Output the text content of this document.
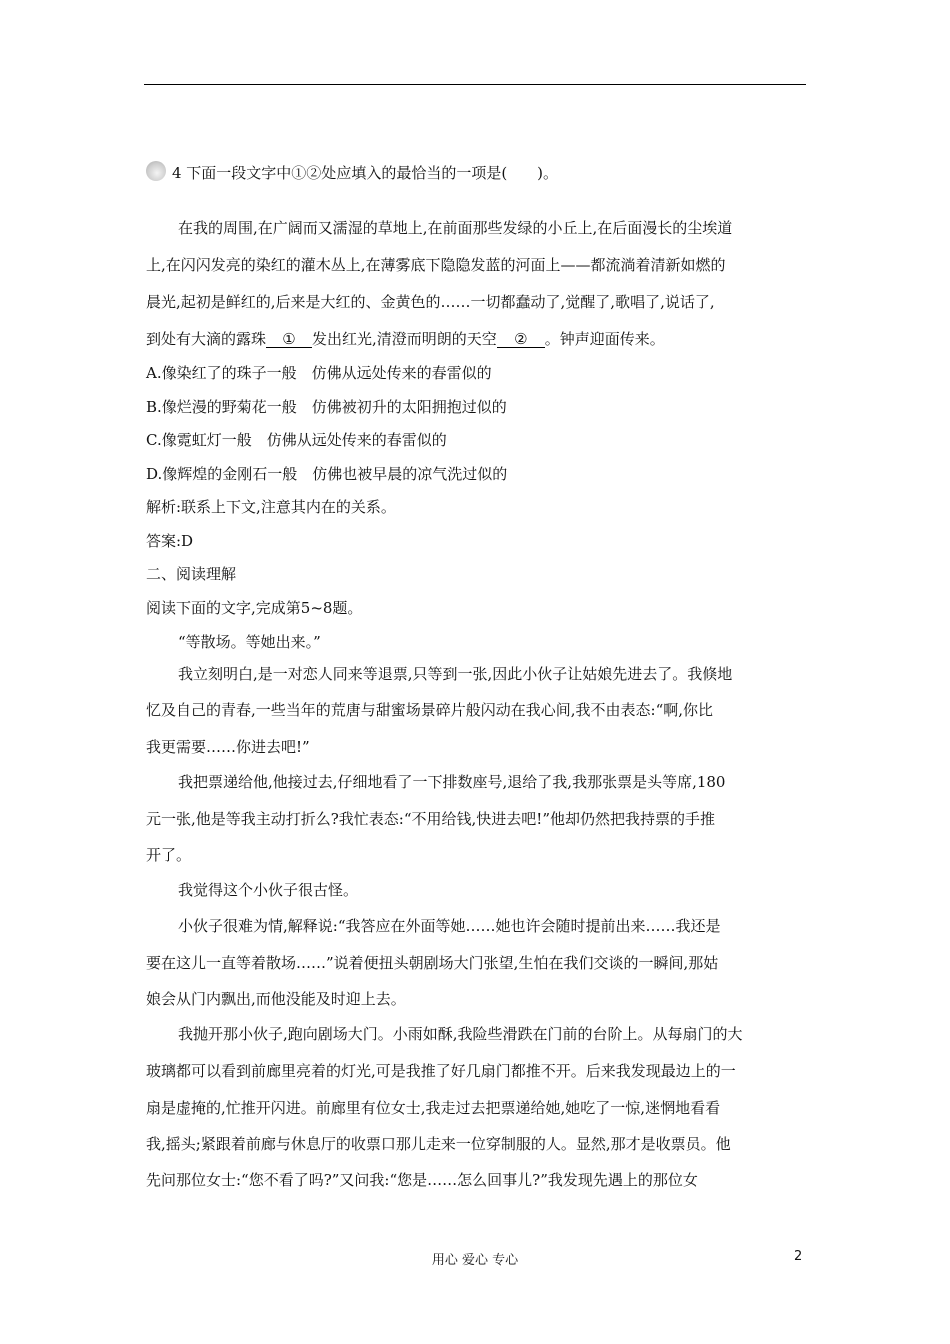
4 下面一段文字中①②处应填入的最恰当的一项是(　　)。
在我的周围,在广阔而又濡湿的草地上,在前面那些发绿的小丘上,在后面漫长的尘埃道
上,在闪闪发亮的染红的灌木丛上,在薄雾底下隐隐发蓝的河面上——都流淌着清新如燃的
晨光,起初是鲜红的,后来是大红的、金黄色的……一切都蠢动了,觉醒了,歌唱了,说话了,
到处有大滴的露珠 ① 发出红光,清澄而明朗的天空 ② 。钟声迎面传来。
A.像染红了的珠子一般　仿佛从远处传来的春雷似的
B.像烂漫的野菊花一般　仿佛被初升的太阳拥抱过似的
C.像霓虹灯一般　仿佛从远处传来的春雷似的
D.像辉煌的金刚石一般　仿佛也被早晨的凉气洗过似的
解析:联系上下文,注意其内在的关系。
答案:D
二、阅读理解
阅读下面的文字,完成第5~8题。
“等散场。等她出来。”
我立刻明白,是一对恋人同来等退票,只等到一张,因此小伙子让姑娘先进去了。我倏地
忆及自己的青春,一些当年的荒唐与甜蜜场景碎片般闪动在我心间,我不由表态:“啊,你比
我更需要……你进去吧!”
我把票递给他,他接过去,仔细地看了一下排数座号,退给了我,我那张票是头等席,180
元一张,他是等我主动打折么?我忙表态:“不用给钱,快进去吧!”他却仍然把我持票的手推
开了。
我觉得这个小伙子很古怪。
小伙子很难为情,解释说:“我答应在外面等她……她也许会随时提前出来……我还是
要在这儿一直等着散场……”说着便扭头朝剧场大门张望,生怕在我们交谈的一瞬间,那姑
娘会从门内飘出,而他没能及时迎上去。
我抛开那小伙子,跑向剧场大门。小雨如酥,我险些滑跌在门前的台阶上。从每扇门的大
玻璃都可以看到前廊里亮着的灯光,可是我推了好几扇门都推不开。后来我发现最边上的一
扇是虚掩的,忙推开闪进。前廊里有位女士,我走过去把票递给她,她吃了一惊,迷惘地看看
我,摇头;紧跟着前廊与休息厅的收票口那儿走来一位穿制服的人。显然,那才是收票员。他
先问那位女士:“您不看了吗?”又问我:“您是……怎么回事儿?”我发现先遇上的那位女
用心 爱心 专心	2
